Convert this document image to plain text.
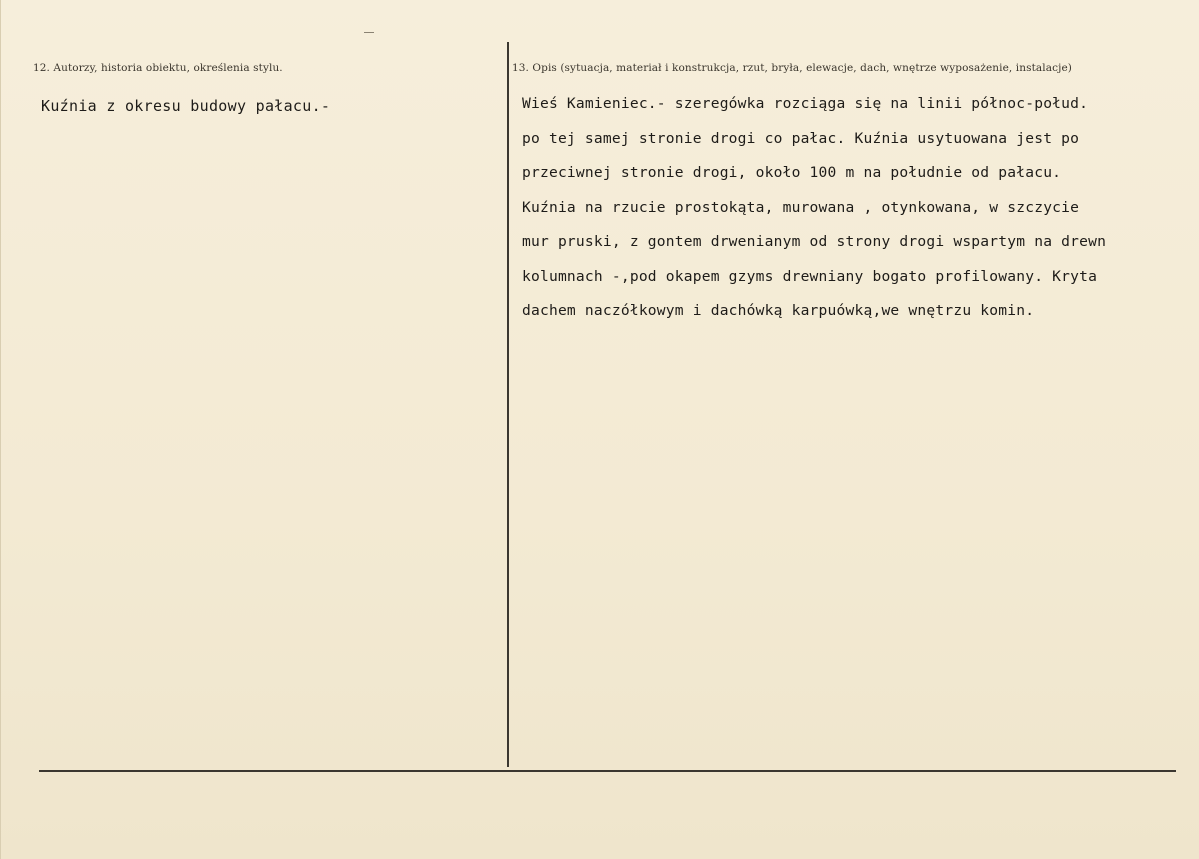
12. Autorzy, historia obiektu, określenia stylu.
Kuźnia z okresu budowy pałacu.-
13. Opis (sytuacja, materiał i konstrukcja, rzut, bryła, elewacje, dach, wnętrze wyposażenie, instalacje)
Wieś Kamieniec.- szeregówka rozciąga się na linii północ-połud.
po tej samej stronie drogi co pałac. Kuźnia usytuowana jest po
przeciwnej stronie drogi, około 100 m na południe od pałacu.
Kuźnia na rzucie prostokąta, murowana , otynkowana, w szczycie
mur pruski, z gontem drwenianym od strony drogi wspartym na drewn
kolumnach -,pod okapem gzyms drewniany bogato profilowany. Kryta
dachem naczółkowym i dachówką karpuówką,we wnętrzu komin.
